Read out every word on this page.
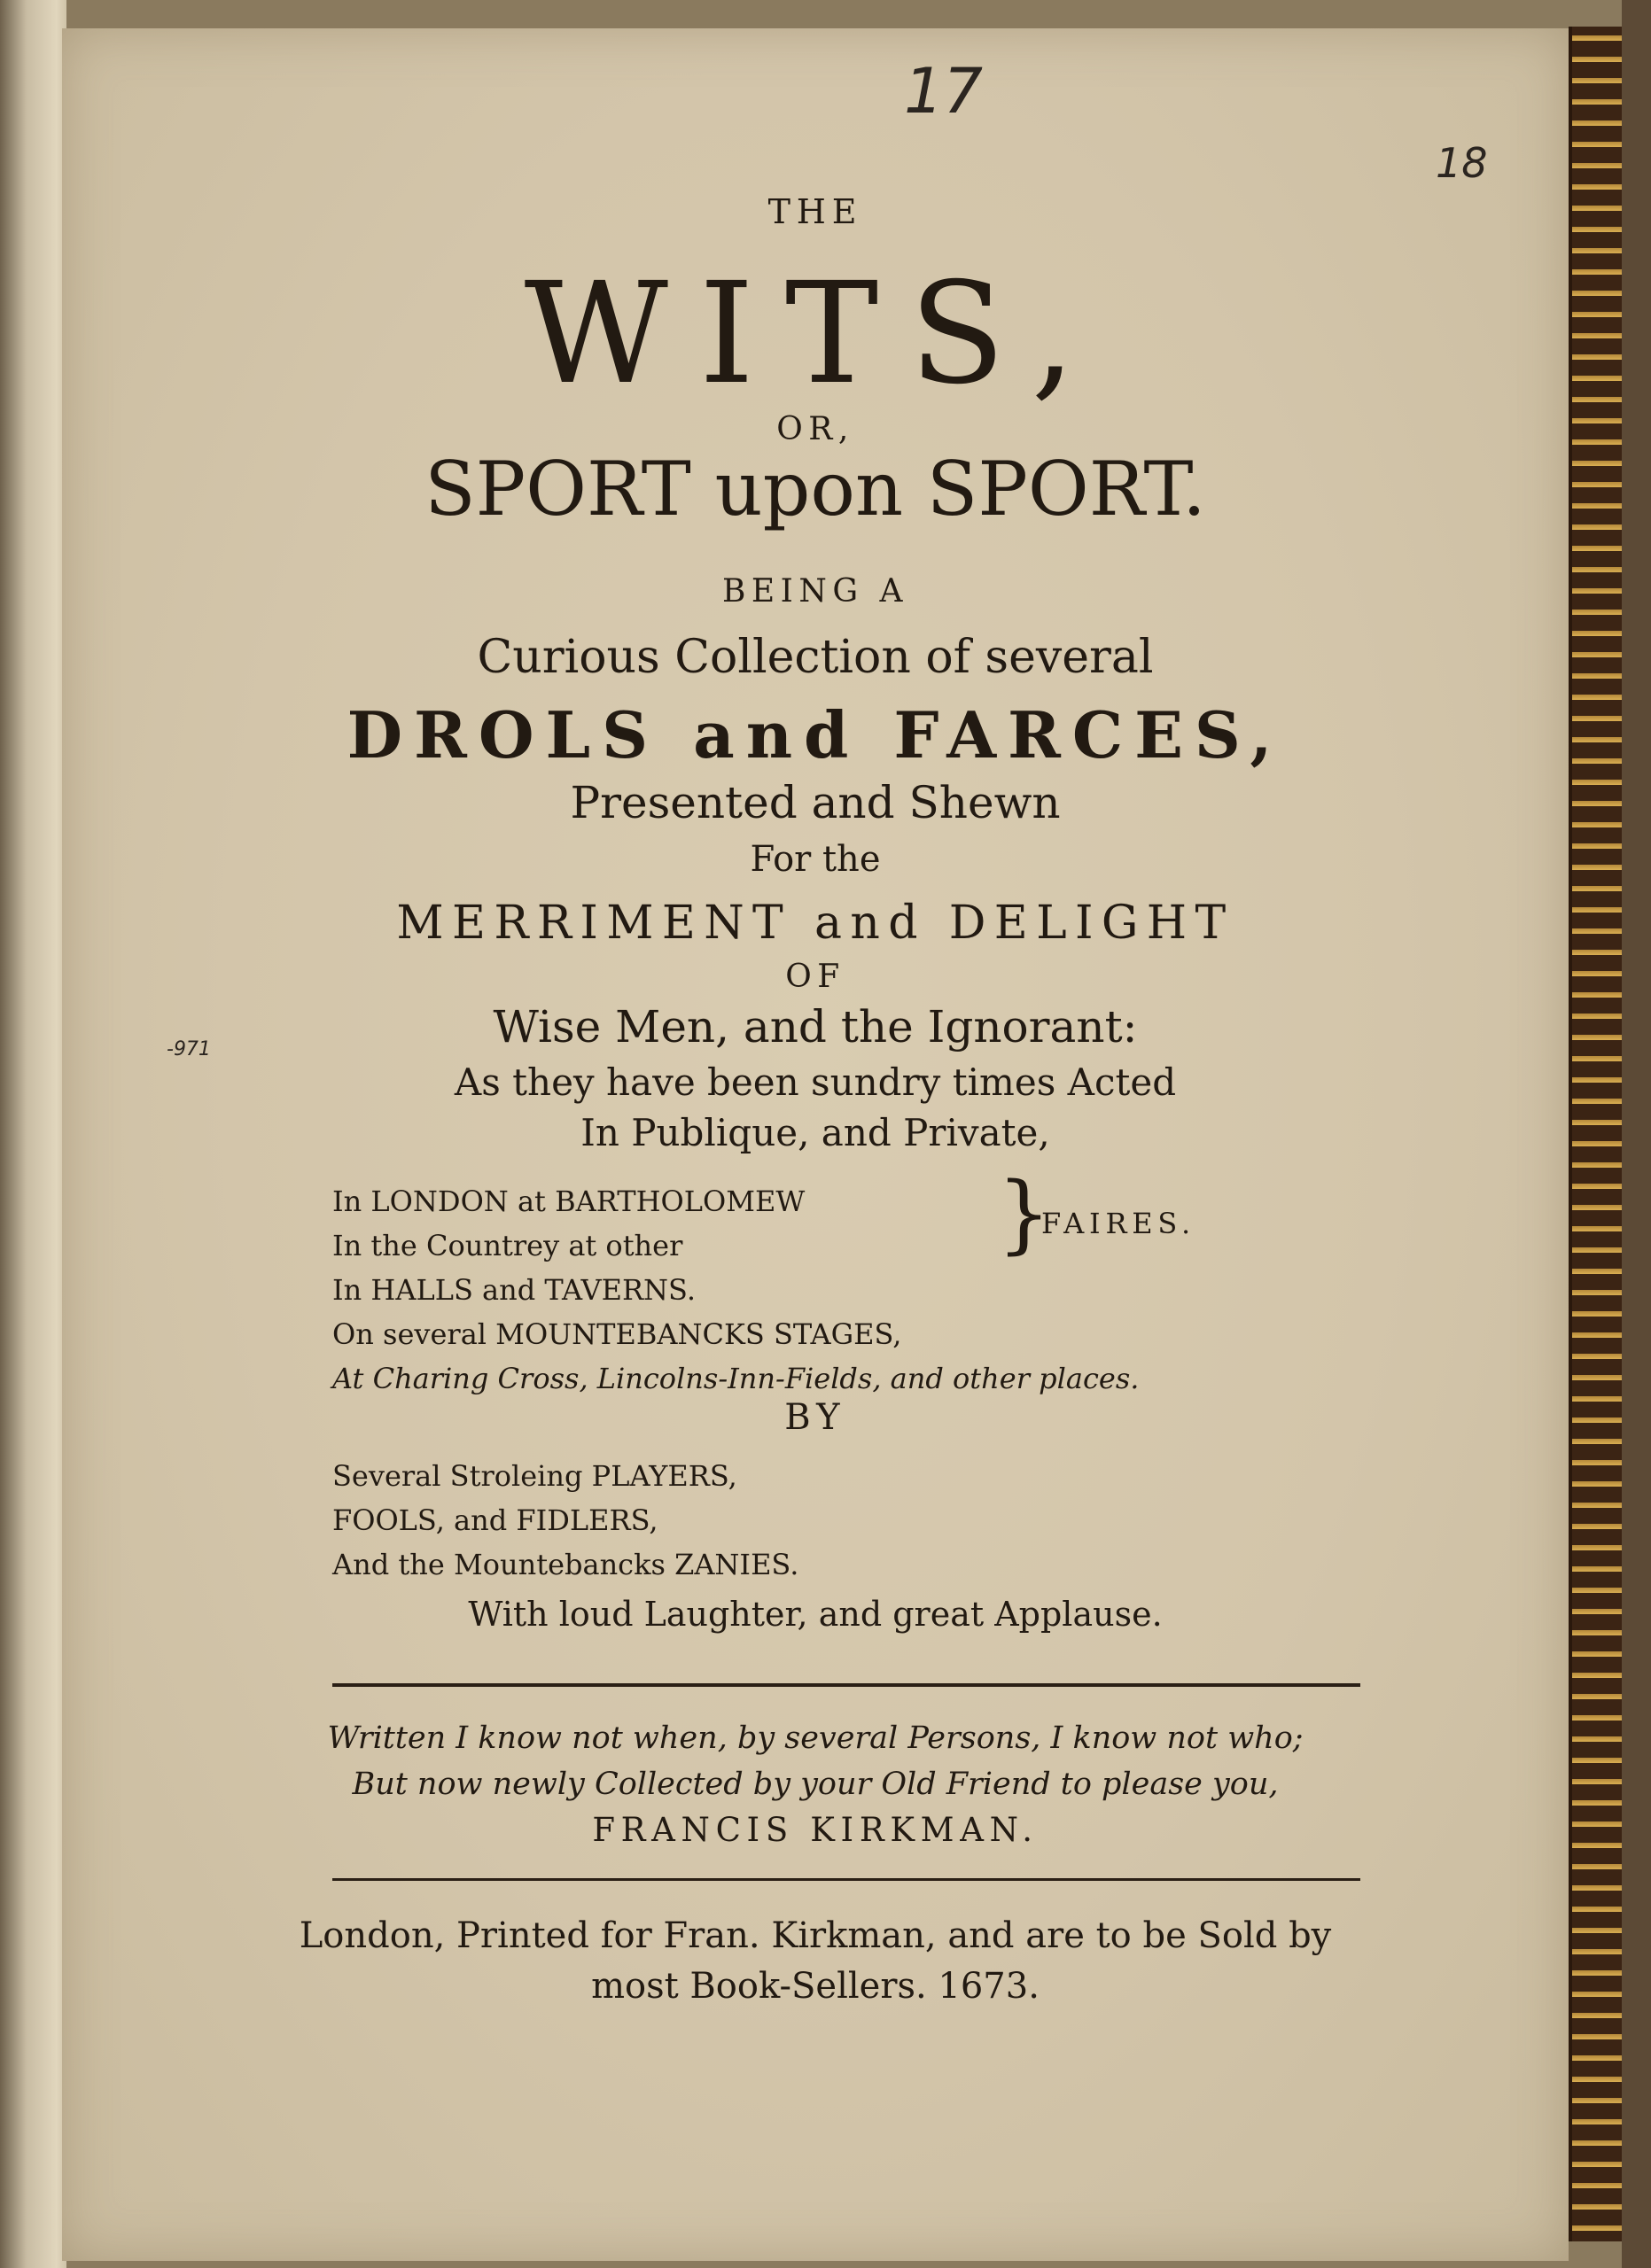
17
18
-971
THE
WITS,
OR,
SPORT upon SPORT.
BEING A
Curious Collection of several
DROLS and FARCES,
Presented and Shewn
For the
MERRIMENT and DELIGHT
OF
Wise Men, and the Ignorant:
As they have been sundry times Acted
In Publique, and Private,
In LONDON at BARTHOLOMEW
In the Countrey at other	}
FAIRES.
In HALLS and TAVERNS.
On several MOUNTEBANCKS STAGES,
At Charing Cross, Lincolns-Inn-Fields, and other places.
BY
Several Stroleing PLAYERS,
FOOLS, and FIDLERS,
And the Mountebancks ZANIES.
With loud Laughter, and great Applause.
Written I know not when, by several Persons, I know not who;
But now newly Collected by your Old Friend to please you,
FRANCIS KIRKMAN.
London, Printed for Fran. Kirkman, and are to be Sold by
most Book-Sellers. 1673.
